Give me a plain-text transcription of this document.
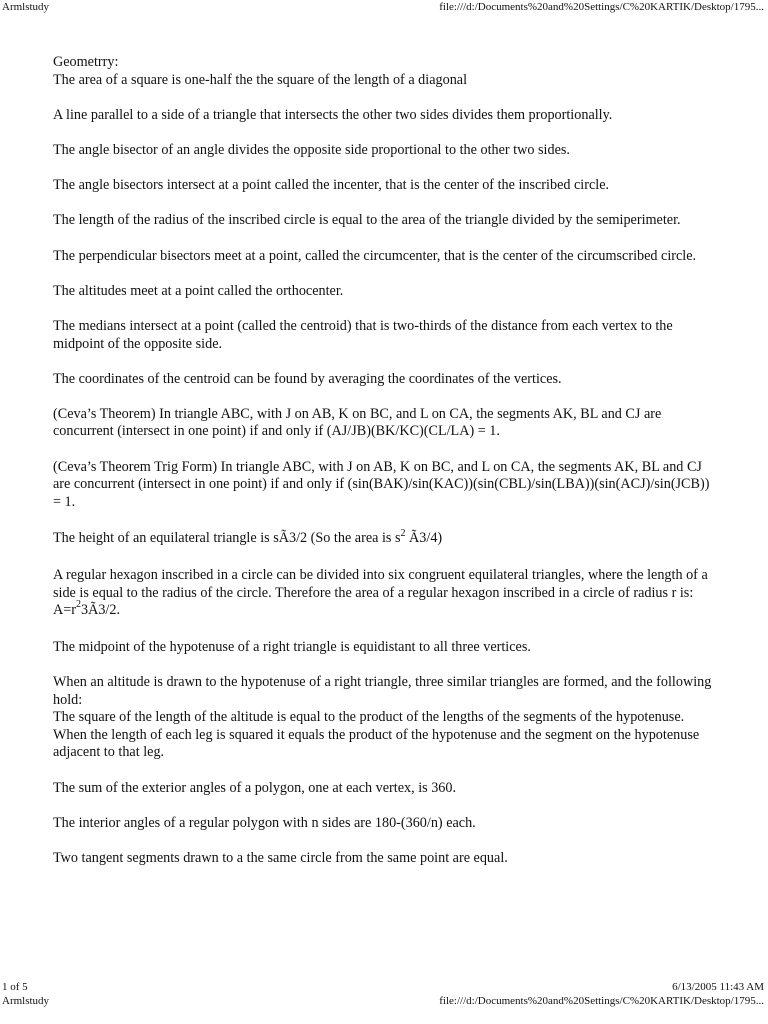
Armlstudy	file:///d:/Documents%20and%20Settings/C%20KARTIK/Desktop/1795...

Geometrry:
The area of a square is one-half the the square of the length of a diagonal

A line parallel to a side of a triangle that intersects the other two sides divides them proportionally.

The angle bisector of an angle divides the opposite side proportional to the other two sides.

The angle bisectors intersect at a point called the incenter, that is the center of the inscribed circle.

The length of the radius of the inscribed circle is equal to the area of the triangle divided by the semiperimeter.

The perpendicular bisectors meet at a point, called the circumcenter, that is the center of the circumscribed circle.

The altitudes meet at a point called the orthocenter.

The medians intersect at a point (called the centroid) that is two-thirds of the distance from each vertex to the midpoint of the opposite side.

The coordinates of the centroid can be found by averaging the coordinates of the vertices.

(Ceva’s Theorem) In triangle ABC, with J on AB, K on BC, and L on CA, the segments AK, BL and CJ are concurrent (intersect in one point) if and only if (AJ/JB)(BK/KC)(CL/LA) = 1.

(Ceva’s Theorem Trig Form) In triangle ABC, with J on AB, K on BC, and L on CA, the segments AK, BL and CJ are concurrent (intersect in one point) if and only if (sin(BAK)/sin(KAC))(sin(CBL)/sin(LBA))(sin(ACJ)/sin(JCB)) = 1.

The height of an equilateral triangle is sÃ3/2 (So the area is $s^2$ Ã3/4)

A regular hexagon inscribed in a circle can be divided into six congruent equilateral triangles, where the length of a side is equal to the radius of the circle. Therefore the area of a regular hexagon inscribed in a circle of radius r is: $A=r^23Ã3/2$.

The midpoint of the hypotenuse of a right triangle is equidistant to all three vertices.

When an altitude is drawn to the hypotenuse of a right triangle, three similar triangles are formed, and the following hold:
The square of the length of the altitude is equal to the product of the lengths of the segments of the hypotenuse.
When the length of each leg is squared it equals the product of the hypotenuse and the segment on the hypotenuse adjacent to that leg.

The sum of the exterior angles of a polygon, one at each vertex, is 360.

The interior angles of a regular polygon with n sides are 180-(360/n) each.

Two tangent segments drawn to a the same circle from the same point are equal.

1 of 5	6/13/2005 11:43 AM
Armlstudy	file:///d:/Documents%20and%20Settings/C%20KARTIK/Desktop/1795...
